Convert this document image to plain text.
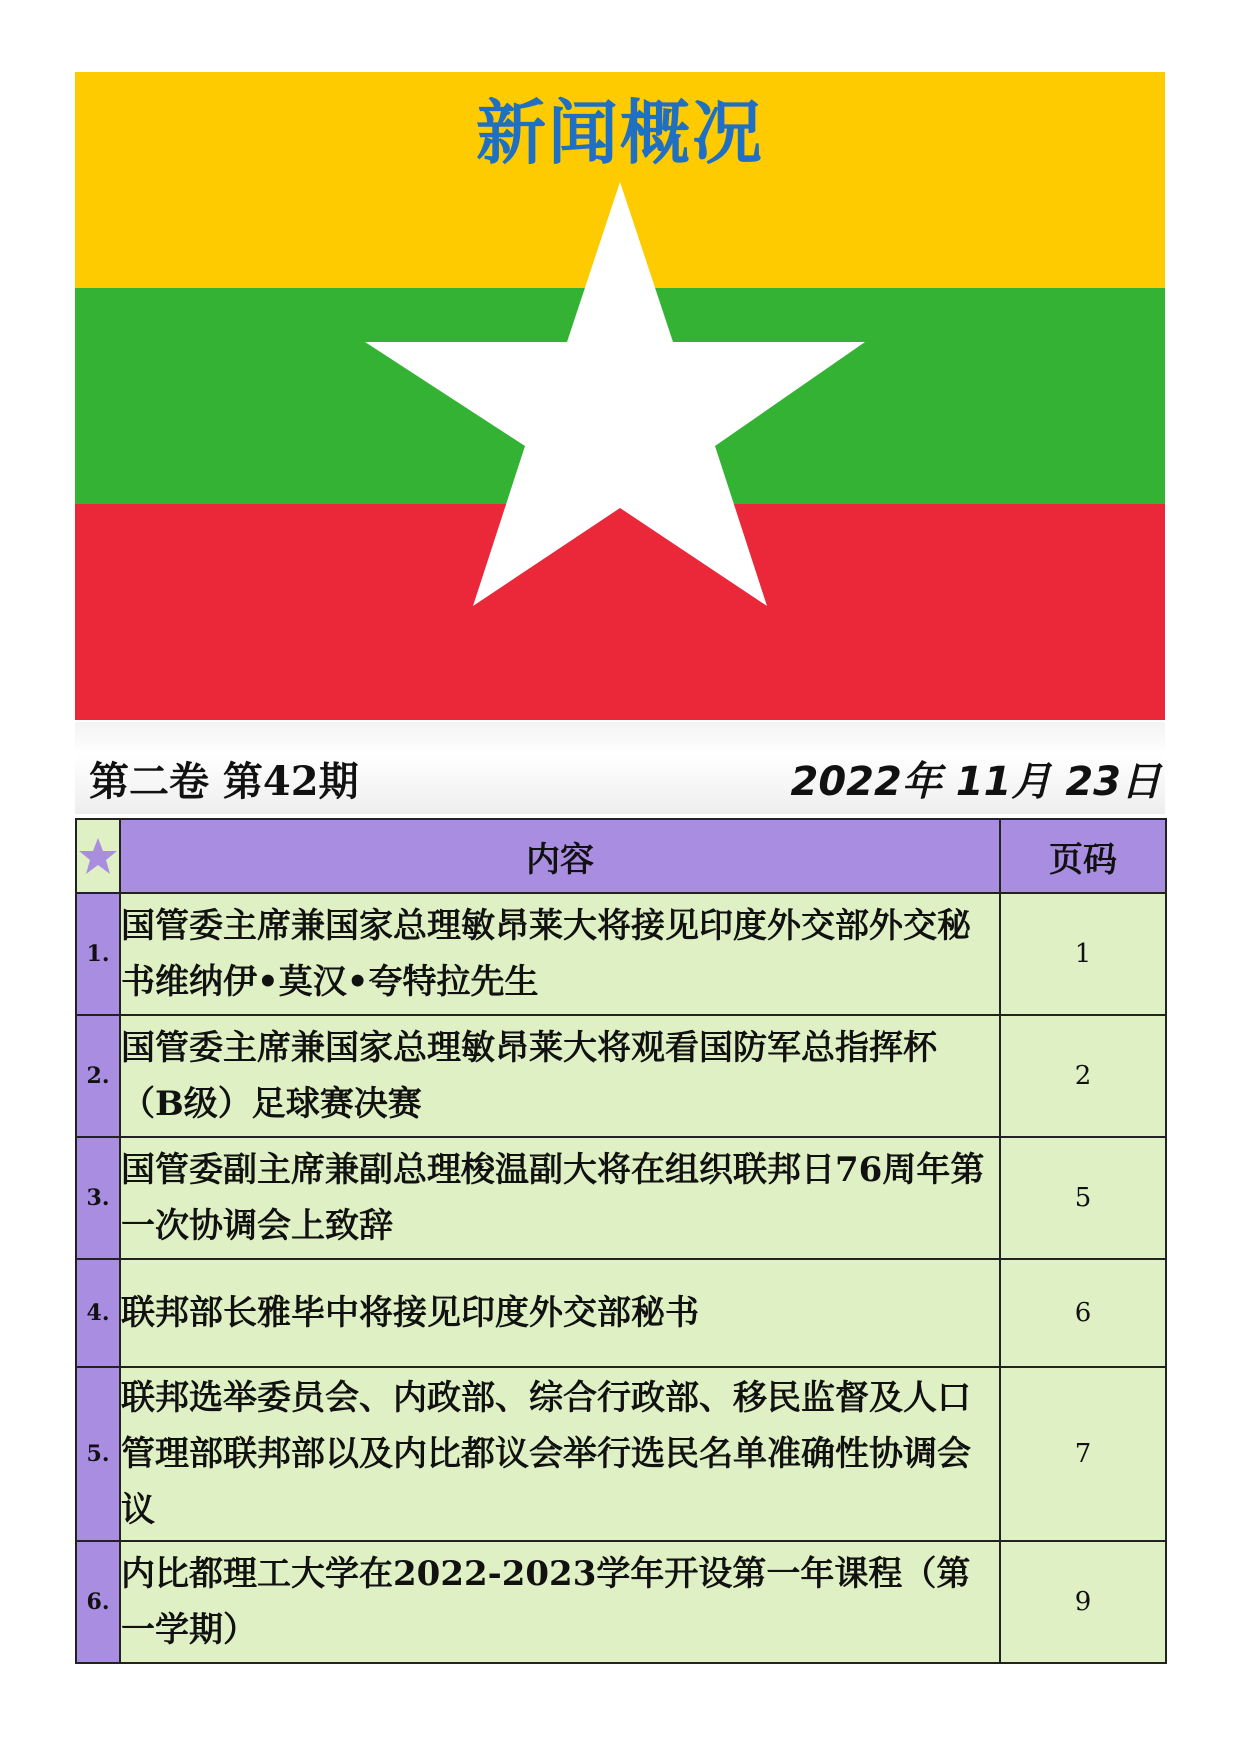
新闻概况
第二卷 第42期	2022年 11月 23日
	内容	页码
1.	国管委主席兼国家总理敏昂莱大将接见印度外交部外交秘书维纳伊•莫汉•夸特拉先生	1
2.	国管委主席兼国家总理敏昂莱大将观看国防军总指挥杯（B级）足球赛决赛	2
3.	国管委副主席兼副总理梭温副大将在组织联邦日76周年第一次协调会上致辞	5
4.	联邦部长雅毕中将接见印度外交部秘书	6
5.	联邦选举委员会、内政部、综合行政部、移民监督及人口管理部联邦部以及内比都议会举行选民名单准确性协调会议	7
6.	内比都理工大学在2022-2023学年开设第一年课程（第一学期）	9
